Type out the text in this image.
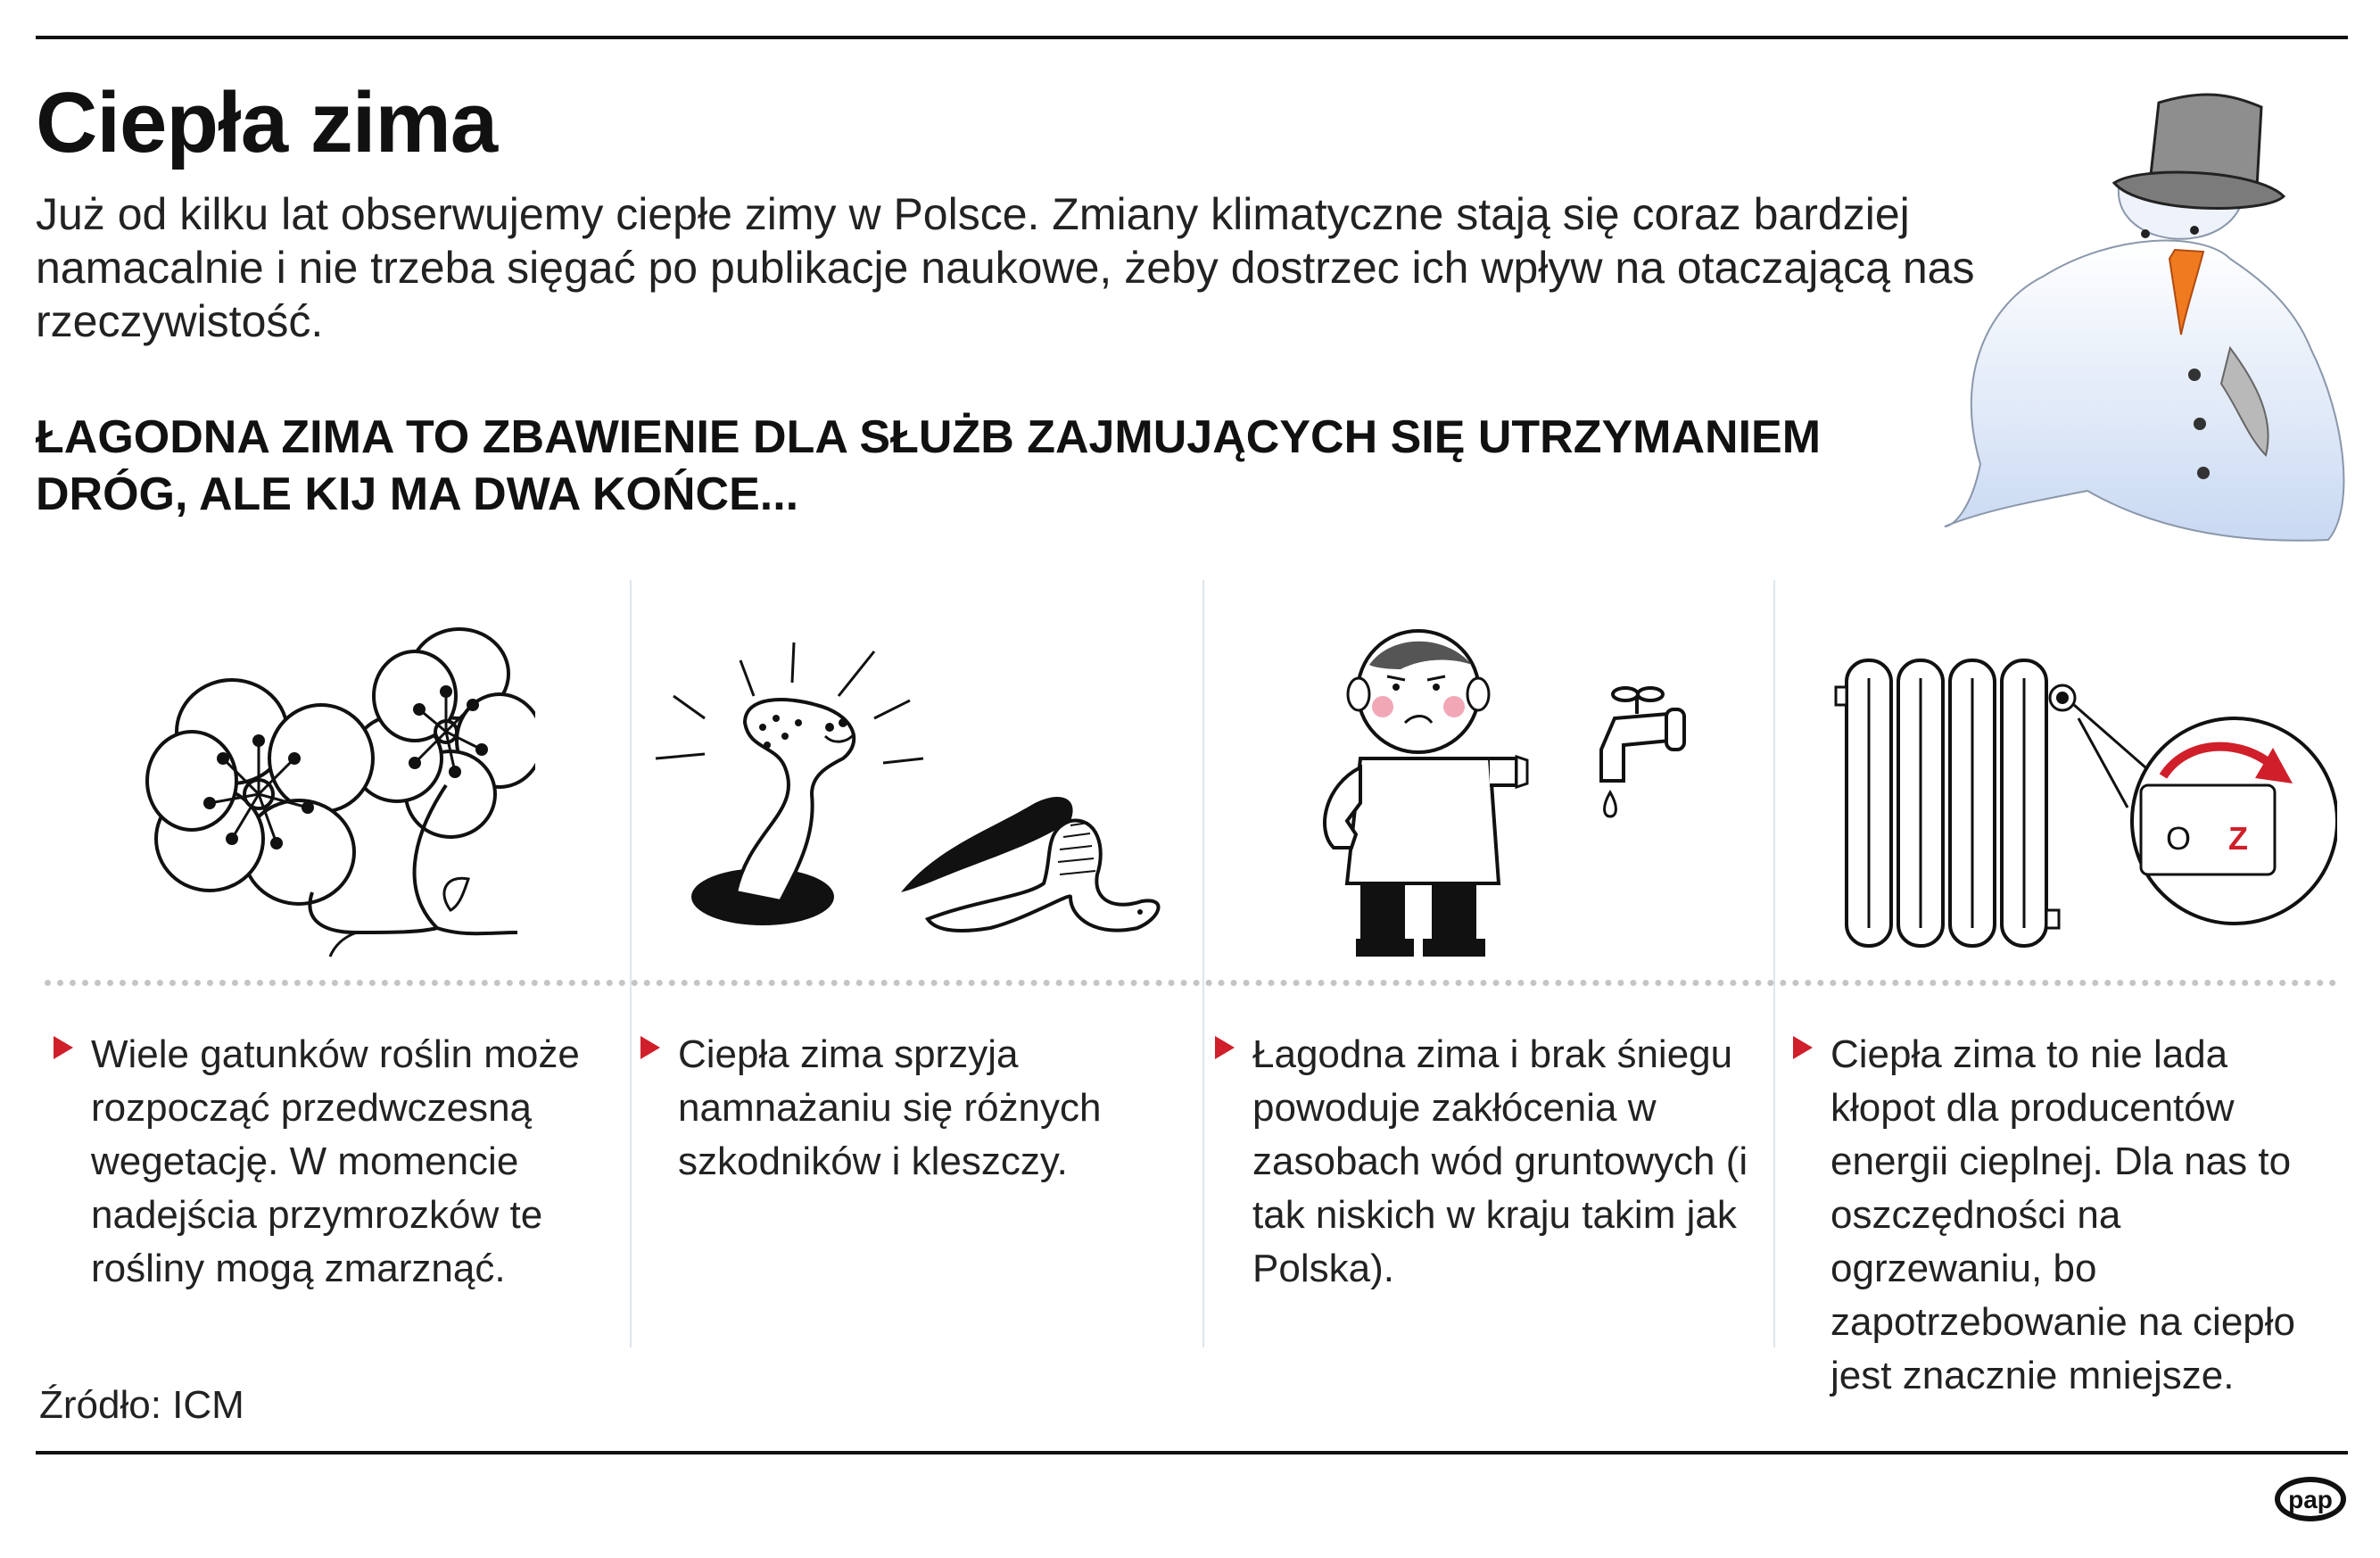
Ciepła zima
Już od kilku lat obserwujemy ciepłe zimy w Polsce. Zmiany klimatyczne stają się coraz bardziej namacalnie i nie trzeba sięgać po publikacje naukowe, żeby dostrzec ich wpływ na otaczającą nas rzeczywistość.
ŁAGODNA ZIMA TO ZBAWIENIE DLA SŁUŻB ZAJMUJĄCYCH SIĘ UTRZYMANIEM DRÓG, ALE KIJ MA DWA KOŃCE...
O Z
Wiele gatunków roślin może rozpocząć przedwczesną wegetację. W momencie nadejścia przymrozków te rośliny mogą zmarznąć.
Ciepła zima sprzyja namnażaniu się różnych szkodników i kleszczy.
Łagodna zima i brak śniegu powoduje zakłócenia w zasobach wód gruntowych (i tak niskich w kraju takim jak Polska).
Ciepła zima to nie lada kłopot dla producentów energii cieplnej. Dla nas to oszczędności na ogrzewaniu, bo zapotrzebowanie na ciepło jest znacznie mniejsze.
Źródło: ICM
pap
